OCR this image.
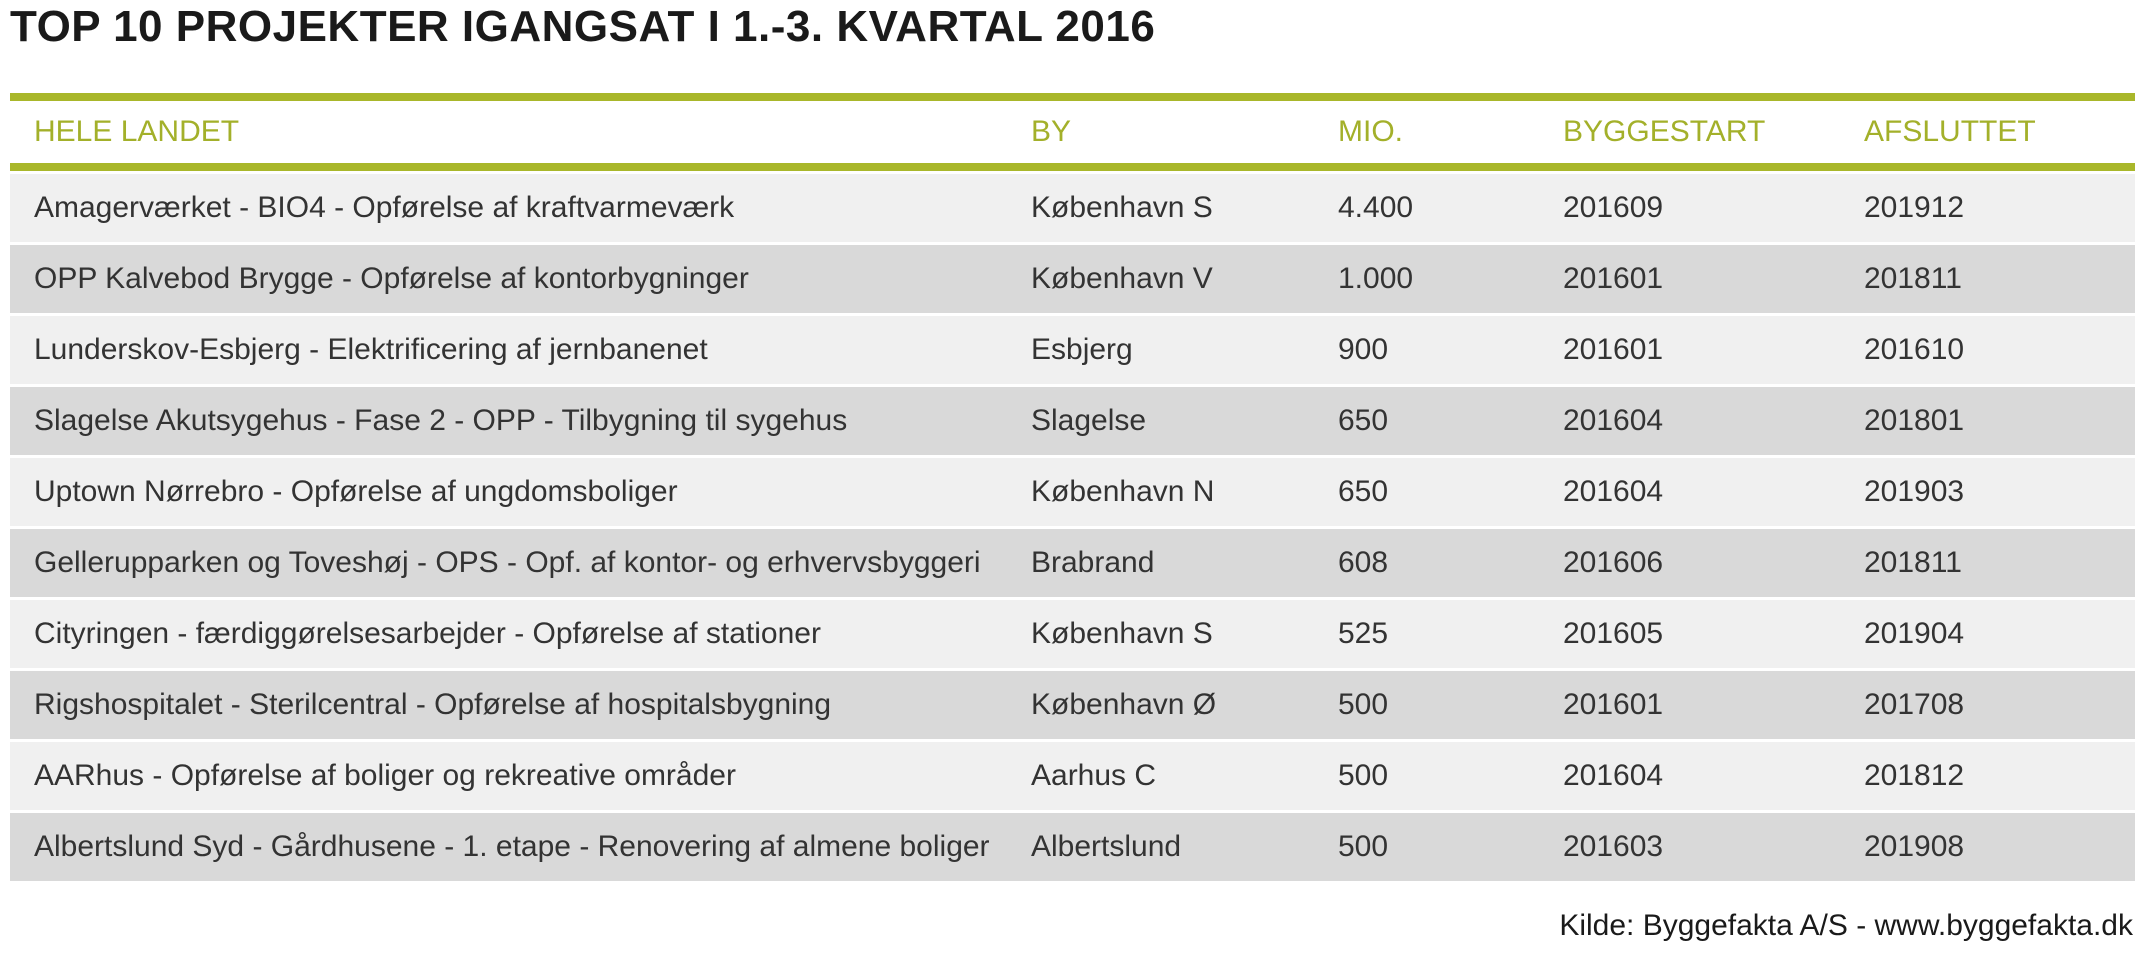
TOP 10 PROJEKTER IGANGSAT I 1.-3. KVARTAL 2016
HELE LANDET	BY	MIO.	BYGGESTART	AFSLUTTET
Amagerværket - BIO4 - Opførelse af kraftvarmeværk	København S	4.400	201609	201912
OPP Kalvebod Brygge - Opførelse af kontorbygninger	København V	1.000	201601	201811
Lunderskov-Esbjerg - Elektrificering af jernbanenet	Esbjerg	900	201601	201610
Slagelse Akutsygehus - Fase 2 - OPP - Tilbygning til sygehus	Slagelse	650	201604	201801
Uptown Nørrebro - Opførelse af ungdomsboliger	København N	650	201604	201903
Gellerupparken og Toveshøj - OPS - Opf. af kontor- og erhvervsbyggeri	Brabrand	608	201606	201811
Cityringen - færdiggørelsesarbejder - Opførelse af stationer	København S	525	201605	201904
Rigshospitalet - Sterilcentral - Opførelse af hospitalsbygning	København Ø	500	201601	201708
AARhus - Opførelse af boliger og rekreative områder	Aarhus C	500	201604	201812
Albertslund Syd - Gårdhusene - 1. etape - Renovering af almene boliger	Albertslund	500	201603	201908
Kilde: Byggefakta A/S - www.byggefakta.dk
